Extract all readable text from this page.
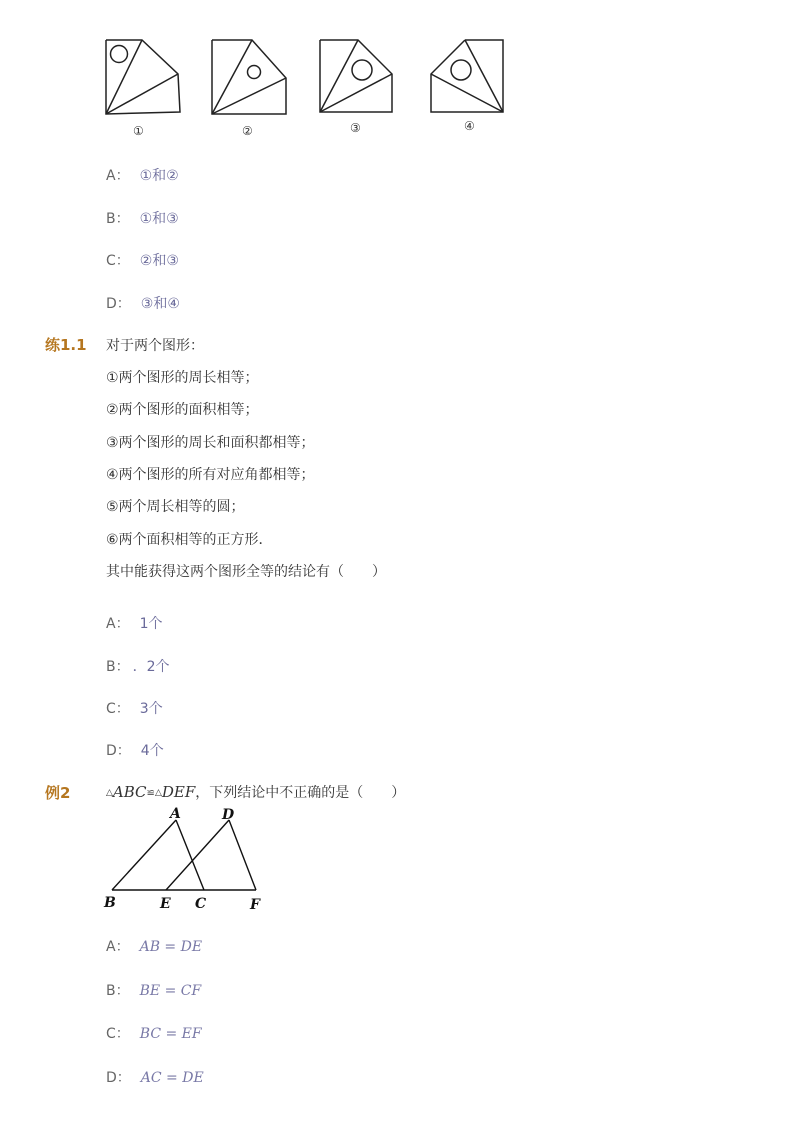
①	②	③	④
A： ①和②
B： ①和③
C： ②和③
D： ③和④
练1.1 对于两个图形：
①两个图形的周长相等；
②两个图形的面积相等；
③两个图形的周长和面积都相等；
④两个图形的所有对应角都相等；
⑤两个周长相等的圆；
⑥两个面积相等的正方形．
其中能获得这两个图形全等的结论有（　　）
A： 1个
B： ．2个
C： 3个
D： 4个
例2	△ABC≌△DEF，下列结论中不正确的是（　　）
A	D
B	E C	F
A： AB = DE
B： BE = CF
C： BC = EF
D： AC = DE
